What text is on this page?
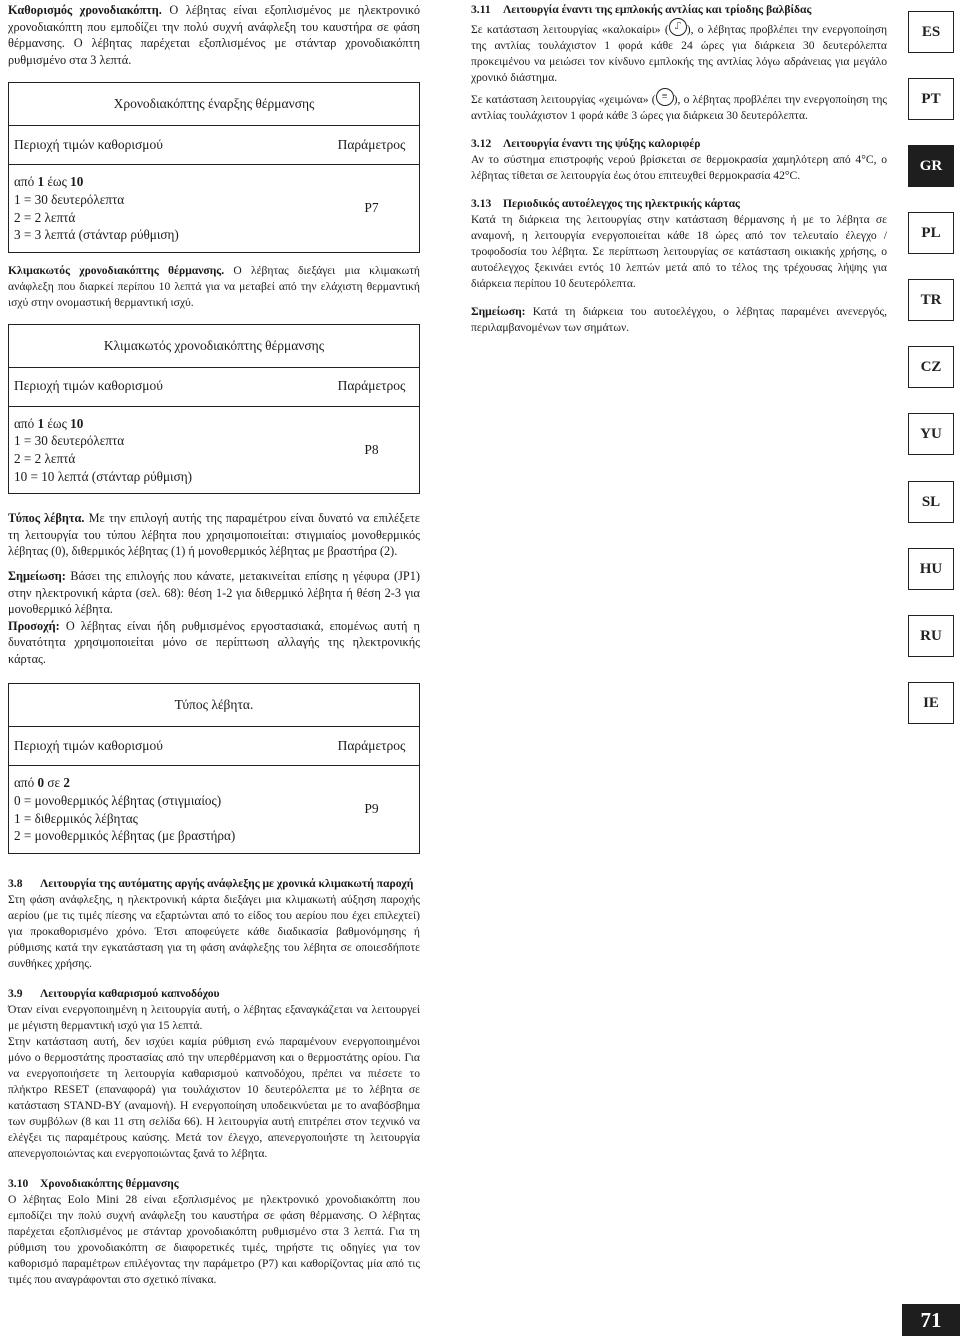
Καθορισμός χρονοδιακόπτη. Ο λέβητας είναι εξοπλισμένος με ηλεκτρονικό χρονοδιακόπτη που εμποδίζει την πολύ συχνή ανάφλεξη του καυστήρα σε φάση θέρμανσης. Ο λέβητας παρέχεται εξοπλισμένος με στάνταρ χρονοδιακόπτη ρυθμισμένο στα 3 λεπτά.

Χρονοδιακόπτης έναρξης θέρμανσης
Περιοχή τιμών καθορισμού	Παράμετρος
από 1 έως 10
1 = 30 δευτερόλεπτα
2 = 2 λεπτά
3 = 3 λεπτά (στάνταρ ρύθμιση)
P7

Κλιμακωτός χρονοδιακόπτης θέρμανσης. Ο λέβητας διεξάγει μια κλιμακωτή ανάφλεξη που διαρκεί περίπου 10 λεπτά για να μεταβεί από την ελάχιστη θερμαντική ισχύ στην ονομαστική θερμαντική ισχύ.

Κλιμακωτός χρονοδιακόπτης θέρμανσης
Περιοχή τιμών καθορισμού	Παράμετρος
από 1 έως 10
1 = 30 δευτερόλεπτα
2 = 2 λεπτά
10 = 10 λεπτά (στάνταρ ρύθμιση)
P8

Τύπος λέβητα. Με την επιλογή αυτής της παραμέτρου είναι δυνατό να επιλέξετε τη λειτουργία του τύπου λέβητα που χρησιμοποιείται: στιγμιαίος μονοθερμικός λέβητας (0), διθερμικός λέβητας (1) ή μονοθερμικός λέβητας με βραστήρα (2).

Σημείωση: Βάσει της επιλογής που κάνατε, μετακινείται επίσης η γέφυρα (JP1) στην ηλεκτρονική κάρτα (σελ. 68): θέση 1-2 για διθερμικό λέβητα ή θέση 2-3 για μονοθερμικό λέβητα.

Προσοχή: Ο λέβητας είναι ήδη ρυθμισμένος εργοστασιακά, επομένως αυτή η δυνατότητα χρησιμοποιείται μόνο σε περίπτωση αλλαγής της ηλεκτρονικής κάρτας.

Τύπος λέβητα.
Περιοχή τιμών καθορισμού	Παράμετρος
από 0 σε 2
0 = μονοθερμικός λέβητας (στιγμιαίος)
1 = διθερμικός λέβητας
2 = μονοθερμικός λέβητας (με βραστήρα)
P9
3.8	Λειτουργία της αυτόματης αργής ανάφλεξης με χρονικά κλιμακωτή παροχή

Στη φάση ανάφλεξης, η ηλεκτρονική κάρτα διεξάγει μια κλιμακωτή αύξηση παροχής αερίου (με τις τιμές πίεσης να εξαρτώνται από το είδος του αερίου που έχει επιλεχτεί) για προκαθορισμένο χρόνο. Έτσι αποφεύγετε κάθε διαδικασία βαθμονόμησης ή ρύθμισης κατά την εγκατάσταση για τη φάση ανάφλεξης του λέβητα σε οποιεσδήποτε συνθήκες χρήσης.

3.9	Λειτουργία καθαρισμού καπνοδόχου

Όταν είναι ενεργοποιημένη η λειτουργία αυτή, ο λέβητας εξαναγκάζεται να λειτουργεί με μέγιστη θερμαντική ισχύ για 15 λεπτά.

Στην κατάσταση αυτή, δεν ισχύει καμία ρύθμιση ενώ παραμένουν ενεργοποιημένοι μόνο ο θερμοστάτης προστασίας από την υπερθέρμανση και ο θερμοστάτης ορίου. Για να ενεργοποιήσετε τη λειτουργία καθαρισμού καπνοδόχου, πρέπει να πιέσετε το πλήκτρο RESET (επαναφορά) για τουλάχιστον 10 δευτερόλεπτα με το λέβητα σε κατάσταση STAND-BY (αναμονή). Η ενεργοποίηση υποδεικνύεται με το αναβόσβημα των συμβόλων (8 και 11 στη σελίδα 66). Η λειτουργία αυτή επιτρέπει στον τεχνικό να ελέγξει τις παραμέτρους καύσης. Μετά τον έλεγχο, απενεργοποιήστε τη λειτουργία απενεργοποιώντας και ενεργοποιώντας ξανά το λέβητα.

3.10	Χρονοδιακόπτης θέρμανσης

Ο λέβητας Eolo Mini 28 είναι εξοπλισμένος με ηλεκτρονικό χρονοδιακόπτη που εμποδίζει την πολύ συχνή ανάφλεξη του καυστήρα σε φάση θέρμανσης. Ο λέβητας παρέχεται εξοπλισμένος με στάνταρ χρονοδιακόπτη ρυθμισμένο στα 3 λεπτά. Για τη ρύθμιση του χρονοδιακόπτη σε διαφορετικές τιμές, τηρήστε τις οδηγίες για τον καθορισμό παραμέτρων επιλέγοντας την παράμετρο (P7) και καθορίζοντας μία από τις τιμές που αναγράφονται στο σχετικό πίνακα.

3.11	Λειτουργία έναντι της εμπλοκής αντλίας και τρίοδης βαλβίδας

Σε κατάσταση λειτουργίας «καλοκαίρι» ( ⑀ ), ο λέβητας προβλέπει την ενεργοποίηση της αντλίας τουλάχιστον 1 φορά κάθε 24 ώρες για διάρκεια 30 δευτερόλεπτα προκειμένου να μειώσει τον κίνδυνο εμπλοκής της αντλίας λόγω αδράνειας για μεγάλο χρονικό διάστημα.

Σε κατάσταση λειτουργίας «χειμώνα» ( ≡ ), ο λέβητας προβλέπει την ενεργοποίηση της αντλίας τουλάχιστον 1 φορά κάθε 3 ώρες για διάρκεια 30 δευτερόλεπτα.

3.12	Λειτουργία έναντι της ψύξης καλοριφέρ

Αν το σύστημα επιστροφής νερού βρίσκεται σε θερμοκρασία χαμηλότερη από 4°C, ο λέβητας τίθεται σε λειτουργία έως ότου επιτευχθεί θερμοκρασία 42°C.

3.13	Περιοδικός αυτοέλεγχος της ηλεκτρικής κάρτας

Κατά τη διάρκεια της λειτουργίας στην κατάσταση θέρμανσης ή με το λέβητα σε αναμονή, η λειτουργία ενεργοποιείται κάθε 18 ώρες από τον τελευταίο έλεγχο / τροφοδοσία του λέβητα. Σε περίπτωση λειτουργίας σε κατάσταση οικιακής χρήσης, ο αυτοέλεγχος ξεκινάει εντός 10 λεπτών μετά από το τέλος της τρέχουσας λήψης για διάρκεια περίπου 10 δευτερόλεπτα.

Σημείωση: Κατά τη διάρκεια του αυτοελέγχου, ο λέβητας παραμένει ανενεργός, περιλαμβανομένων των σημάτων.

ES
PT
GR
PL
TR
CZ
YU
SL
HU
RU
IE
71
